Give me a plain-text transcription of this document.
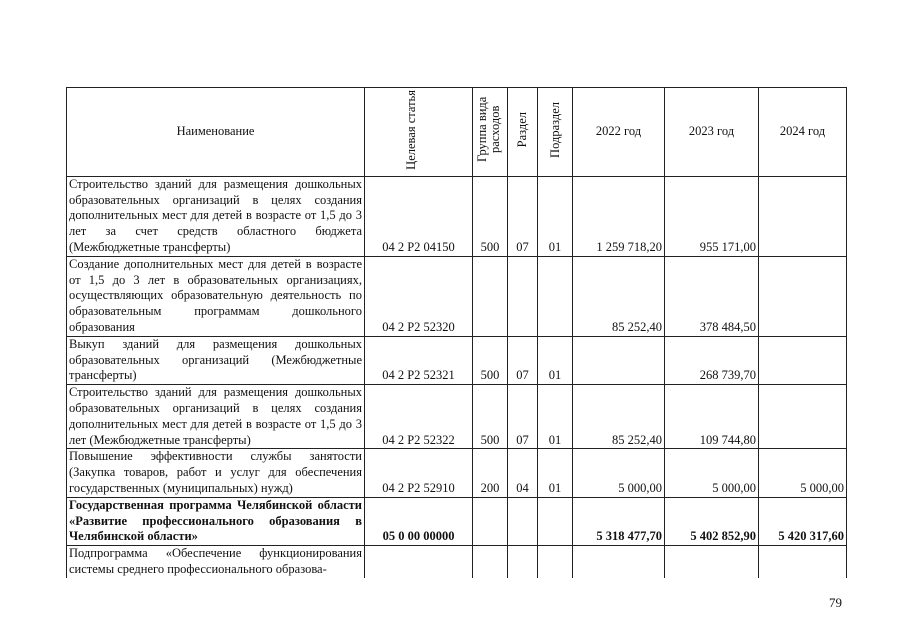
Наименование	Целевая статья	Группа вида расходов	Раздел	Подраздел	2022 год	2023 год	2024 год
Строительство зданий для размещения дошкольных образовательных организаций в целях создания дополнительных мест для детей в возрасте от 1,5 до 3 лет за счет средств областного бюджета (Межбюджетные трансферты)	04 2 P2 04150	500	07	01	1 259 718,20	955 171,00	
Создание дополнительных мест для детей в возрасте от 1,5 до 3 лет в образовательных организациях, осуществляющих образовательную деятельность по образовательным программам дошкольного образования	04 2 P2 52320				85 252,40	378 484,50	
Выкуп зданий для размещения дошкольных образовательных организаций (Межбюджетные трансферты)	04 2 P2 52321	500	07	01		268 739,70	
Строительство зданий для размещения дошкольных образовательных организаций в целях создания дополнительных мест для детей в возрасте от 1,5 до 3 лет (Межбюджетные трансферты)	04 2 P2 52322	500	07	01	85 252,40	109 744,80	
Повышение эффективности службы занятости (Закупка товаров, работ и услуг для обеспечения государственных (муниципальных) нужд)	04 2 P2 52910	200	04	01	5 000,00	5 000,00	5 000,00
Государственная программа Челябинской области «Развитие профессионального образования в Челябинской области»	05 0 00 00000				5 318 477,70	5 402 852,90	5 420 317,60
Подпрограмма «Обеспечение функционирования системы среднего профессионального образова-							
79
